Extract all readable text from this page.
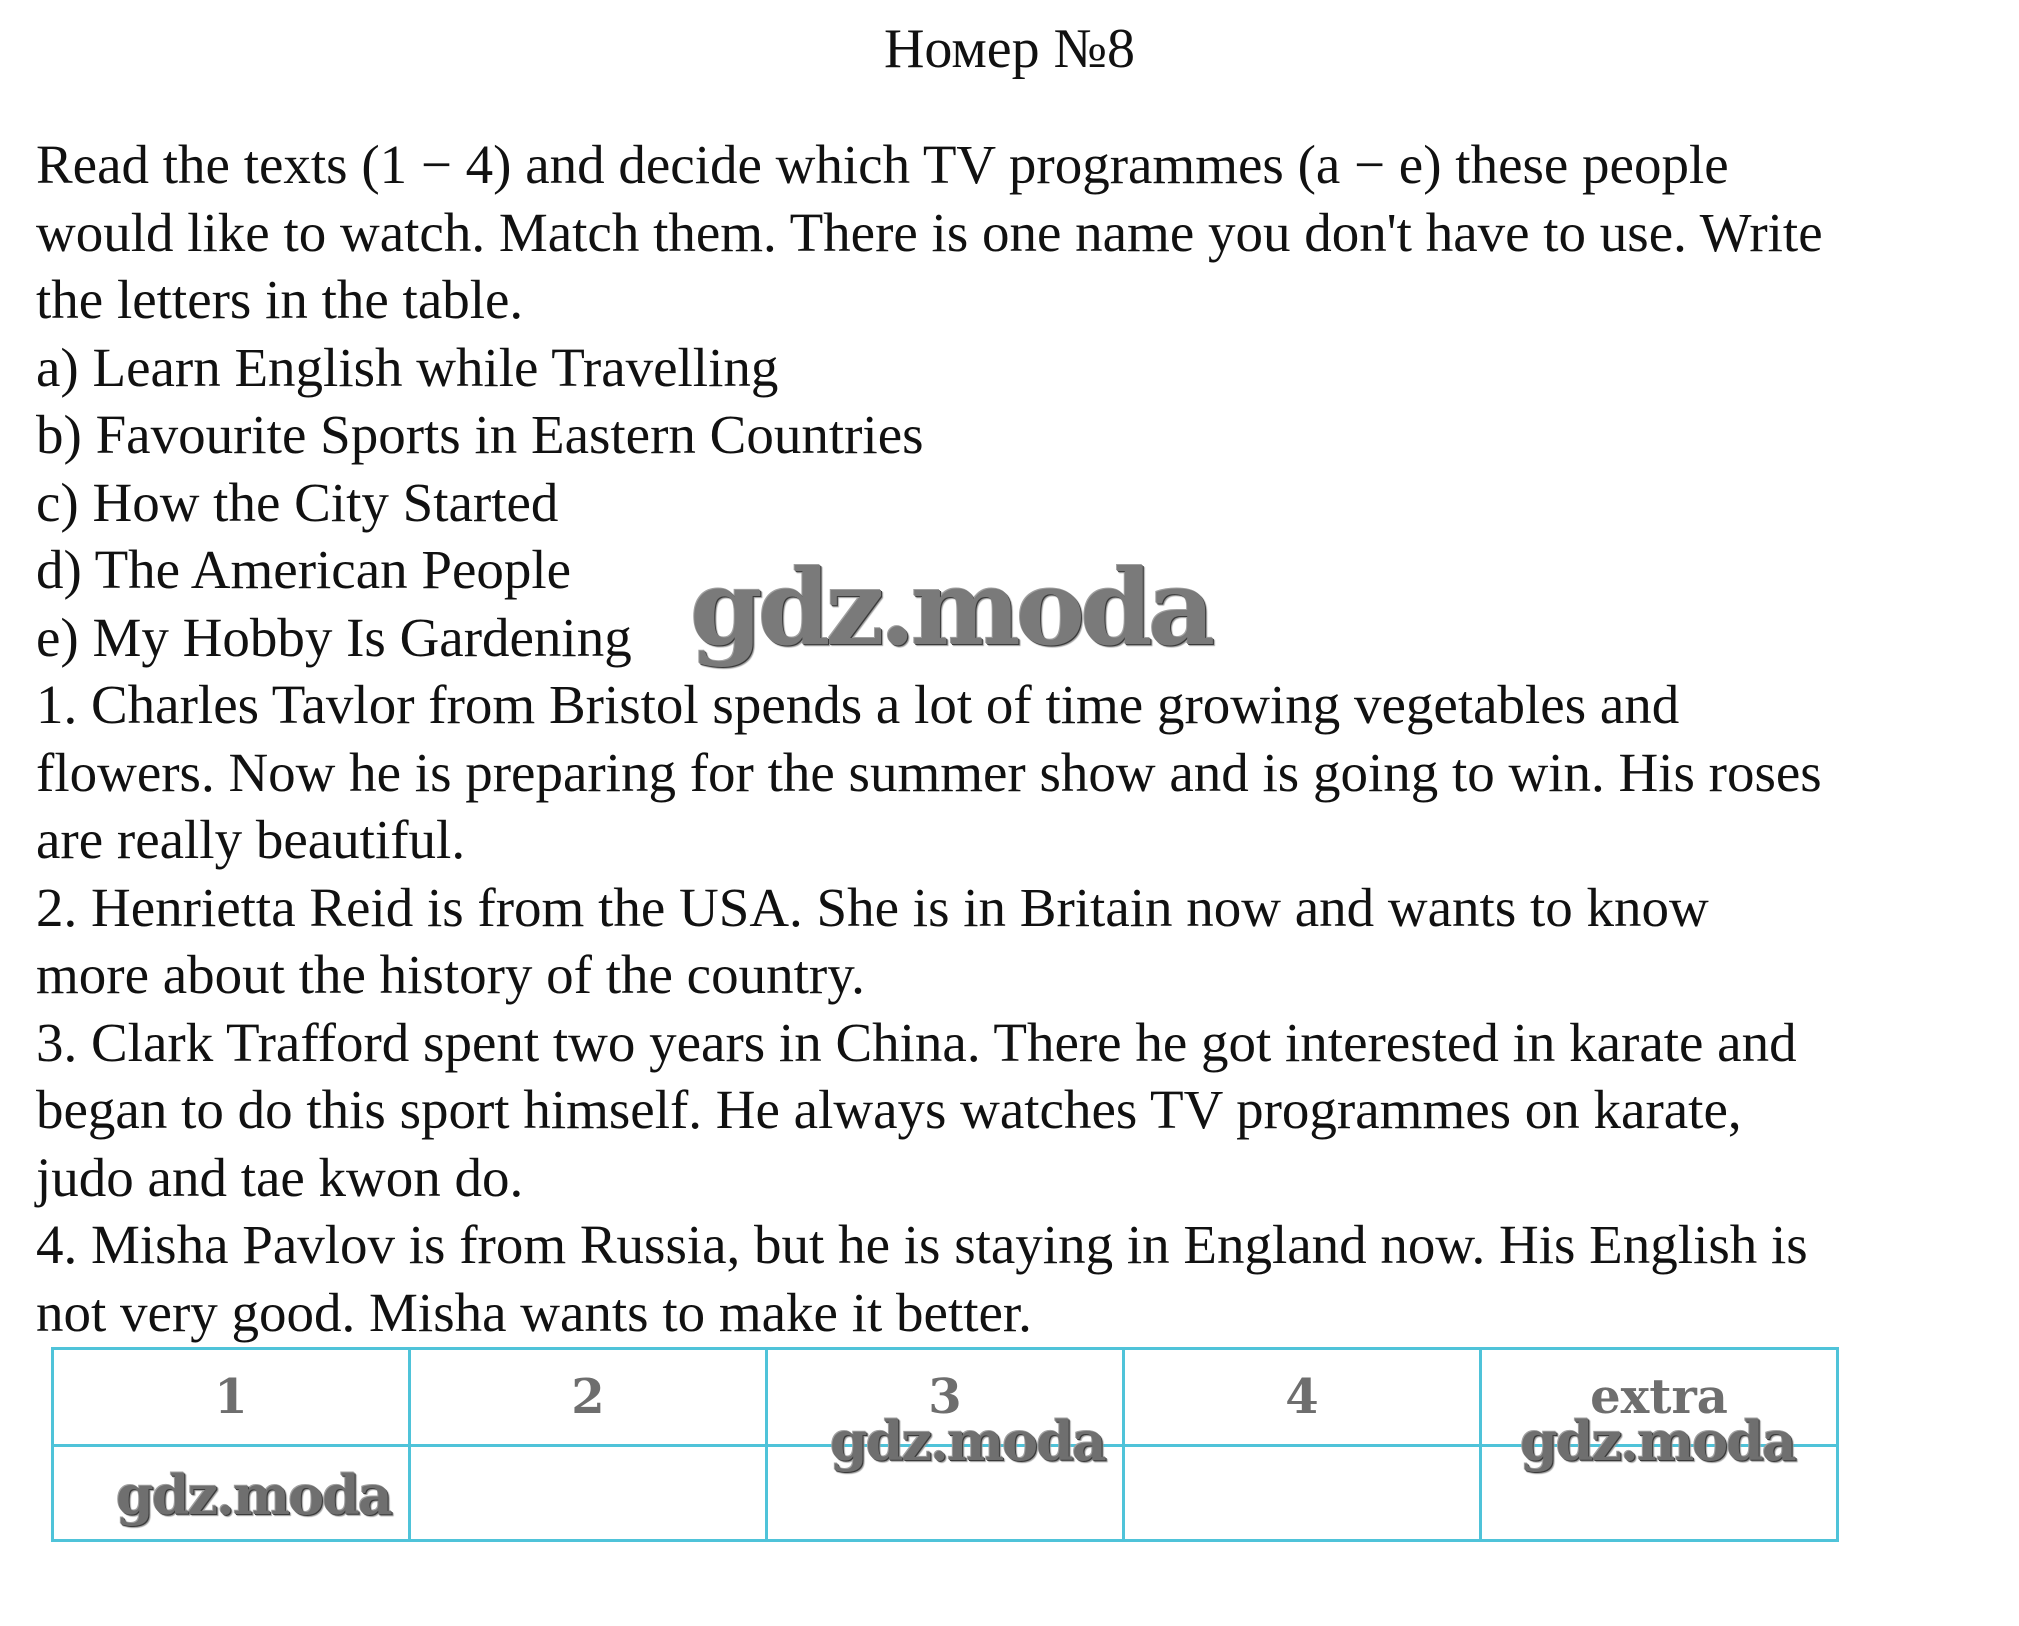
Номер №8
Read the texts (1 − 4) and decide which TV programmes (a − e) these people
would like to watch. Match them. There is one name you don't have to use. Write
the letters in the table.
a) Learn English while Travelling
b) Favourite Sports in Eastern Countries
c) How the City Started
d) The American People
e) My Hobby Is Gardening
1. Charles Tavlor from Bristol spends a lot of time growing vegetables and
flowers. Now he is preparing for the summer show and is going to win. His roses
are really beautiful.
2. Henrietta Reid is from the USA. She is in Britain now and wants to know
more about the history of the country.
3. Clark Trafford spent two years in China. There he got interested in karate and
began to do this sport himself. He always watches TV programmes on karate,
judo and tae kwon do.
4. Misha Pavlov is from Russia, but he is staying in England now. His English is
not very good. Misha wants to make it better.
gdz.moda
1	2	3	4	extra

gdz.moda		gdz.moda		gdz.moda
